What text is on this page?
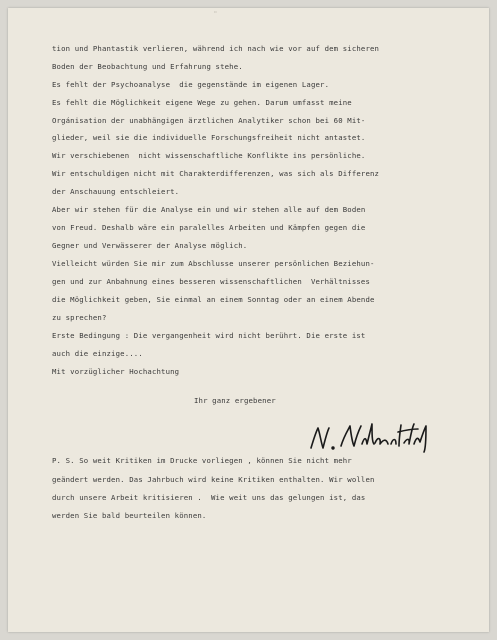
▫
tion und Phantastik verlieren, während ich nach wie vor auf dem sicheren
Boden der Beobachtung und Erfahrung stehe.
Es fehlt der Psychoanalyse  die gegenstände im eigenen Lager.
Es fehlt die Möglichkeit eigene Wege zu gehen. Darum umfasst meine
Orgánisation der unabhängigen ärztlichen Analytiker schon bei 60 Mit-
glieder, weil sie die individuelle Forschungsfreiheit nicht antastet.
Wir verschiebenen  nicht wissenschaftliche Konflikte ins persönliche.
Wir entschuldigen nicht mit Charakterdifferenzen, was sich als Differenz
der Anschauung entschleiert.
Aber wir stehen für die Analyse ein und wir stehen alle auf dem Boden
von Freud. Deshalb wäre ein paralelles Arbeiten und Kämpfen gegen die
Gegner und Verwässerer der Analyse möglich.
Vielleicht würden Sie mir zum Abschlusse unserer persönlichen Beziehun-
gen und zur Anbahnung eines besseren wissenschaftlichen  Verhältnisses
die Möglichkeit geben, Sie einmal an einem Sonntag oder an einem Abende
zu sprechen?
Erste Bedingung : Die vergangenheit wird nicht berührt. Die erste ist
auch die einzige....
Mit vorzüglicher Hochachtung
Ihr ganz ergebener
P. S. So weit Kritiken im Drucke vorliegen , können Sie nicht mehr
geändert werden. Das Jahrbuch wird keine Kritiken enthalten. Wir wollen
durch unsere Arbeit kritisieren .  Wie weit uns das gelungen ist, das
werden Sie bald beurteilen können.
